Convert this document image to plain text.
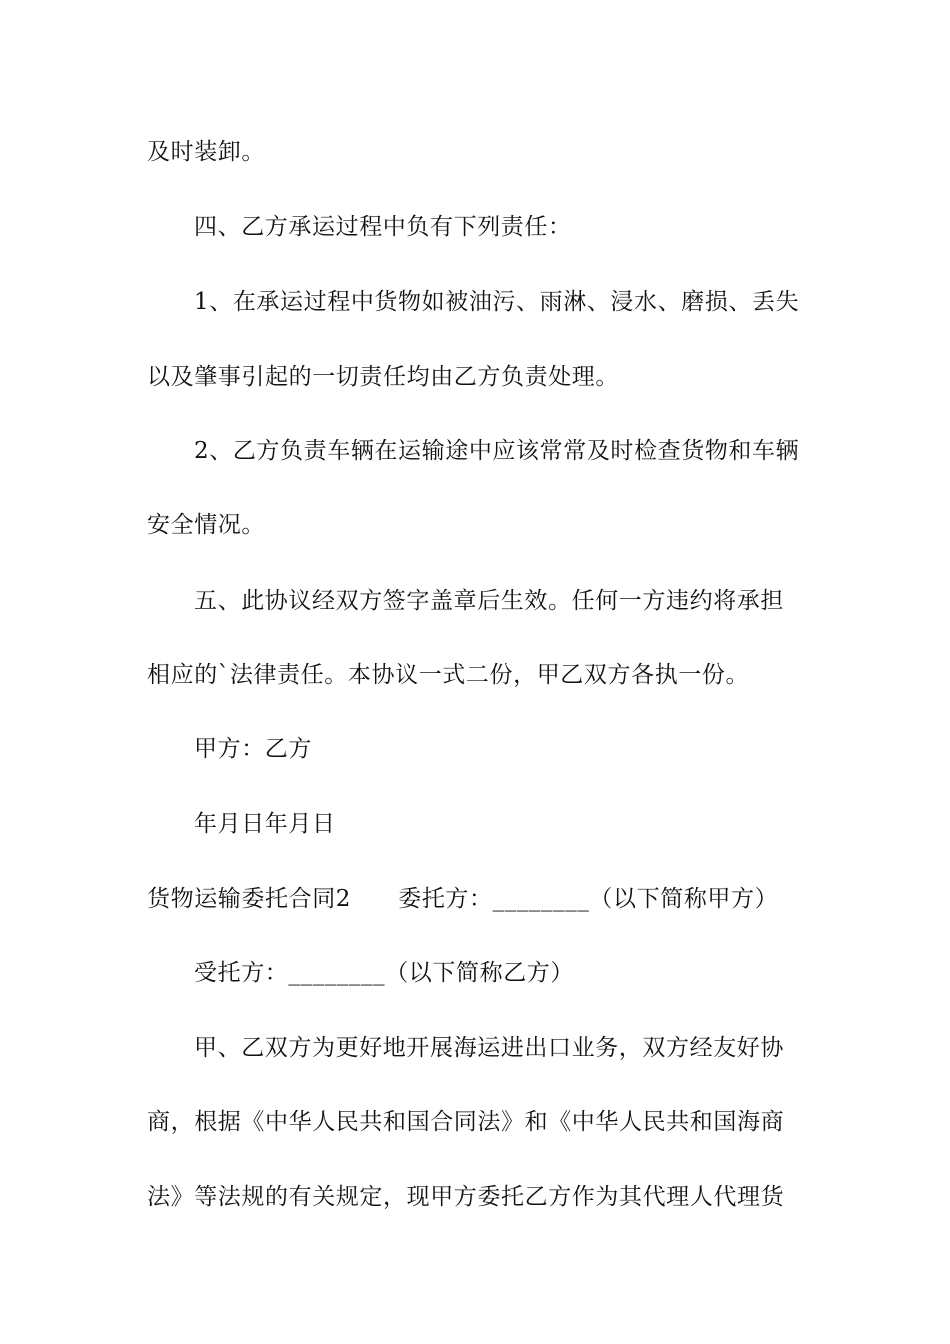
及时装卸。
四、乙方承运过程中负有下列责任：
1、在承运过程中货物如被油污、雨淋、浸水、磨损、丢失
以及肇事引起的一切责任均由乙方负责处理。
2、乙方负责车辆在运输途中应该常常及时检查货物和车辆
安全情况。
五、此协议经双方签字盖章后生效。任何一方违约将承担
相应的`法律责任。本协议一式二份，甲乙双方各执一份。
甲方：乙方
年月日年月日
货物运输委托合同2　　委托方：________（以下简称甲方）
受托方：________（以下简称乙方）
甲、乙双方为更好地开展海运进出口业务，双方经友好协
商，根据《中华人民共和国合同法》和《中华人民共和国海商
法》等法规的有关规定，现甲方委托乙方作为其代理人代理货
